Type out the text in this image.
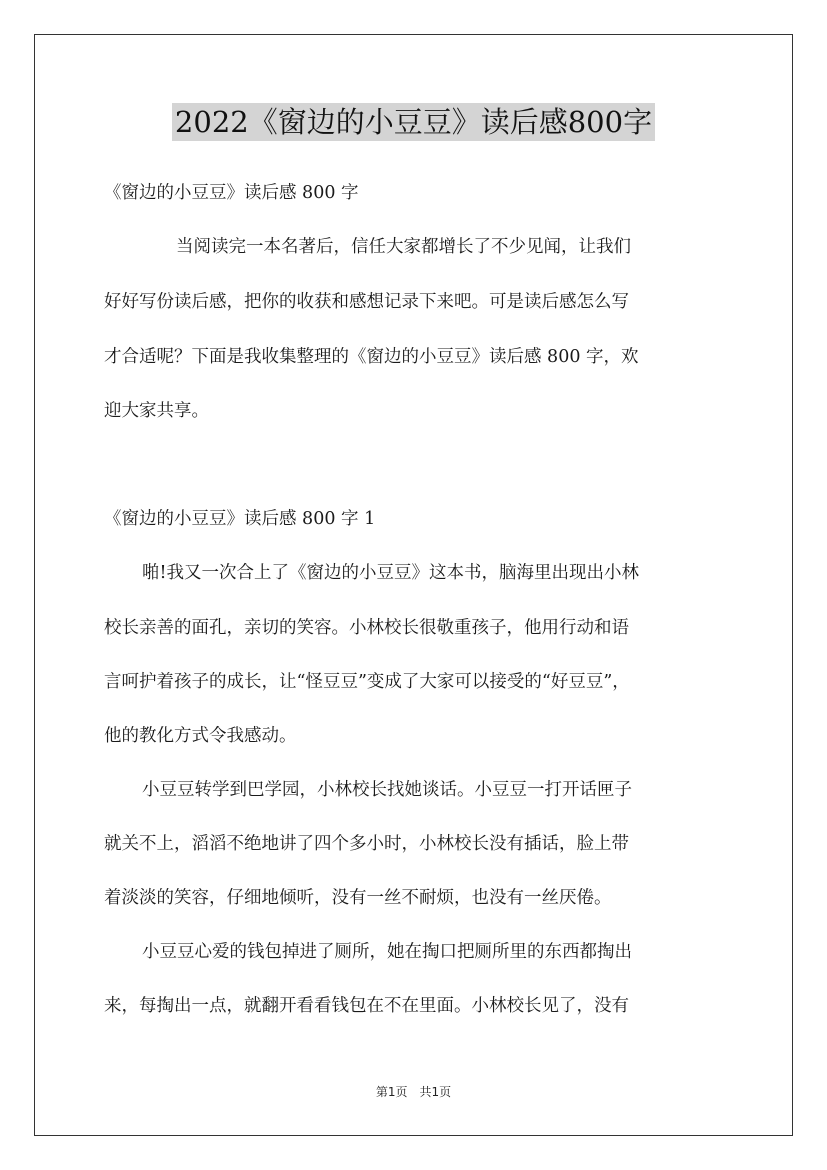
2022《窗边的小豆豆》读后感800字
《窗边的小豆豆》读后感 800 字
当阅读完一本名著后，信任大家都增长了不少见闻，让我们
好好写份读后感，把你的收获和感想记录下来吧。可是读后感怎么写
才合适呢？下面是我收集整理的《窗边的小豆豆》读后感 800 字，欢
迎大家共享。
《窗边的小豆豆》读后感 800 字 1
啪!我又一次合上了《窗边的小豆豆》这本书，脑海里出现出小林
校长亲善的面孔，亲切的笑容。小林校长很敬重孩子，他用行动和语
言呵护着孩子的成长，让“怪豆豆”变成了大家可以接受的“好豆豆”，
他的教化方式令我感动。
小豆豆转学到巴学园，小林校长找她谈话。小豆豆一打开话匣子
就关不上，滔滔不绝地讲了四个多小时，小林校长没有插话，脸上带
着淡淡的笑容，仔细地倾听，没有一丝不耐烦，也没有一丝厌倦。
小豆豆心爱的钱包掉进了厕所，她在掏口把厕所里的东西都掏出
来，每掏出一点，就翻开看看钱包在不在里面。小林校长见了，没有
第1页　共1页
